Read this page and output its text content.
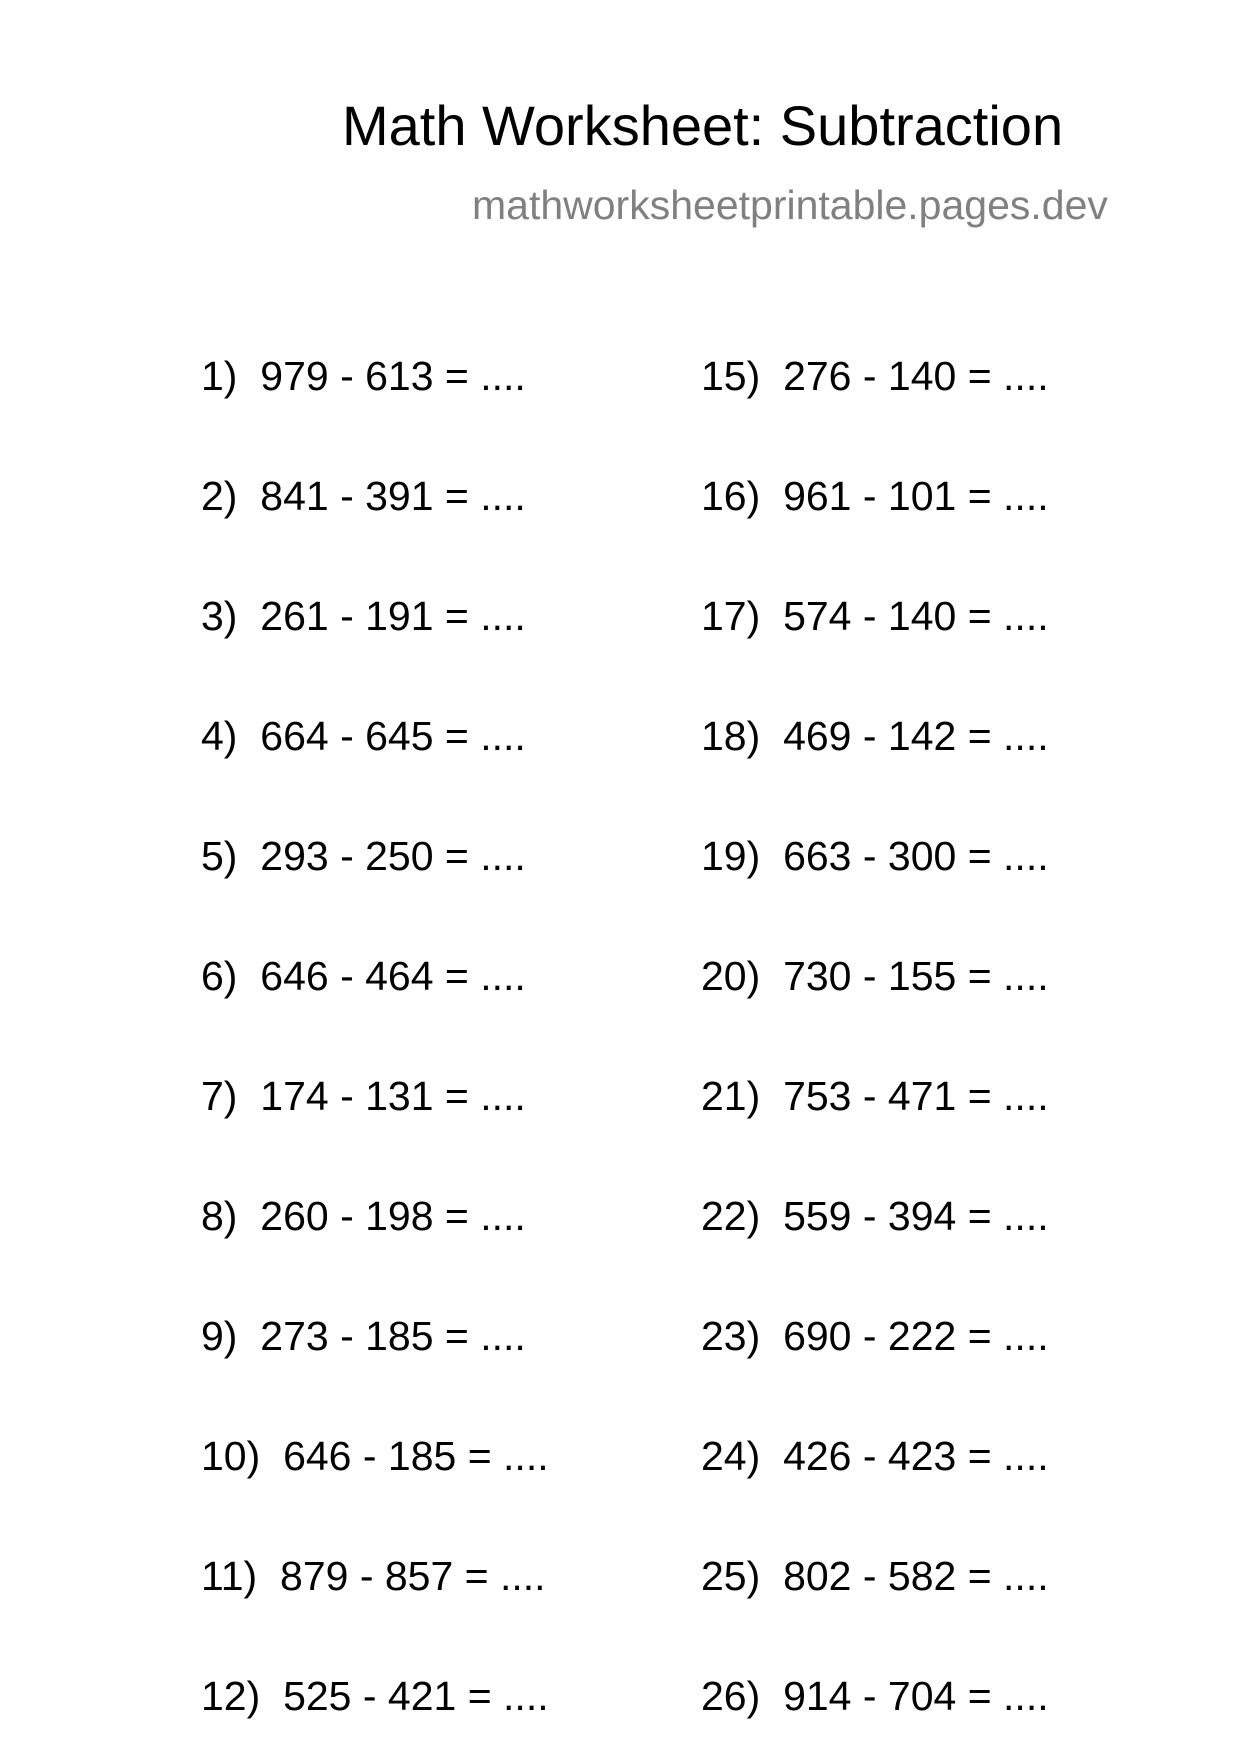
Math Worksheet: Subtraction
mathworksheetprintable.pages.dev
1) 979 - 613 = ....
2) 841 - 391 = ....
3) 261 - 191 = ....
4) 664 - 645 = ....
5) 293 - 250 = ....
6) 646 - 464 = ....
7) 174 - 131 = ....
8) 260 - 198 = ....
9) 273 - 185 = ....
10) 646 - 185 = ....
11) 879 - 857 = ....
12) 525 - 421 = ....
15) 276 - 140 = ....
16) 961 - 101 = ....
17) 574 - 140 = ....
18) 469 - 142 = ....
19) 663 - 300 = ....
20) 730 - 155 = ....
21) 753 - 471 = ....
22) 559 - 394 = ....
23) 690 - 222 = ....
24) 426 - 423 = ....
25) 802 - 582 = ....
26) 914 - 704 = ....
